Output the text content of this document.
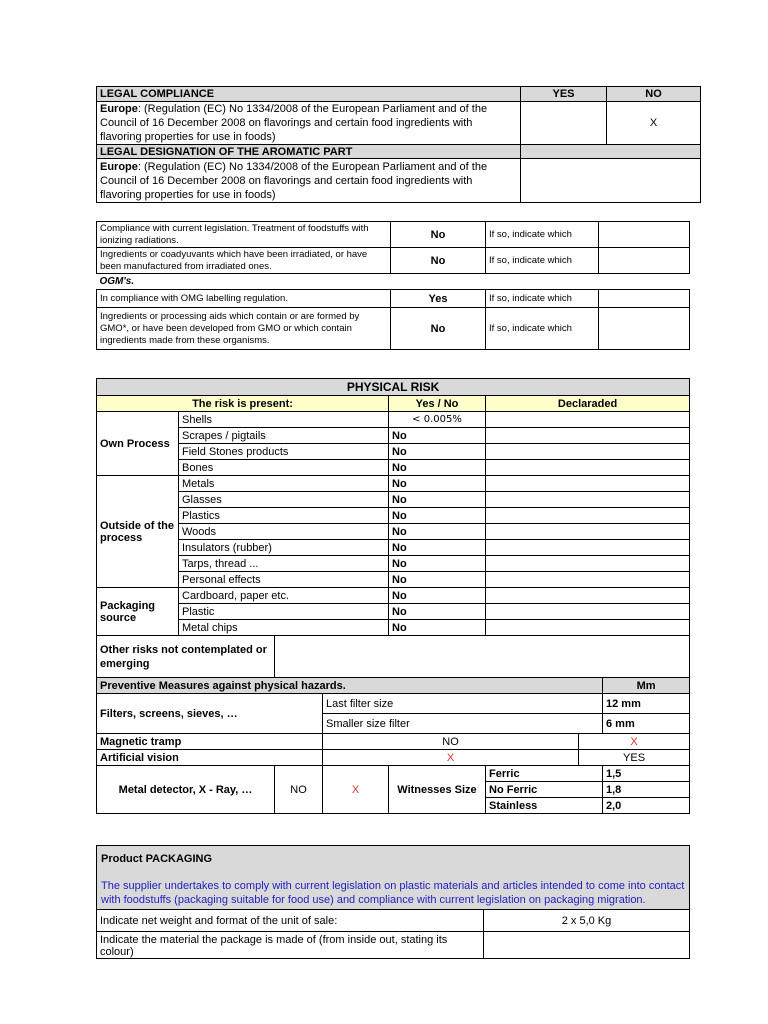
LEGAL COMPLIANCE	YES	NO
Europe: (Regulation (EC) No 1334/2008 of the European Parliament and of the Council of 16 December 2008 on flavorings and certain food ingredients with flavoring properties for use in foods)		X
LEGAL DESIGNATION OF THE AROMATIC PART		
Europe: (Regulation (EC) No 1334/2008 of the European Parliament and of the Council of 16 December 2008 on flavorings and certain food ingredients with flavoring properties for use in foods)		
Compliance with current legislation. Treatment of foodstuffs with ionizing radiations.	No	If so, indicate which	
Ingredients or coadyuvants which have been irradiated, or have been manufactured from irradiated ones.	No	If so, indicate which	
OGM's.			
In compliance with OMG labelling regulation.	Yes	If so, indicate which	
Ingredients or processing aids which contain or are formed by GMO*, or have been developed from GMO or which contain ingredients made from these organisms.	No	If so, indicate which	
PHYSICAL RISK							
The risk is present:				Yes / No	Declaraded		
Own Process	Shells			< 0.005%			
	Scrapes / pigtails			No			
	Field Stones products			No			
	Bones			No			
Outside of the process	Metals			No			
	Glasses			No			
	Plastics			No			
	Woods			No			
	Insulators (rubber)			No			
	Tarps, thread ...			No			
	Personal effects			No			
Packaging source	Cardboard, paper etc.			No			
	Plastic			No			
	Metal chips			No			
Other risks not contemplated or emerging							
Preventive Measures against physical hazards.							Mm
Filters, screens, sieves, …			Last filter size				12 mm
			Smaller size filter				6 mm
Magnetic tramp			NO			X	
Artificial vision			X			YES	
Metal detector, X - Ray, …		NO	X	Witnesses Size	Ferric		1,5
					No Ferric		1,8
					Stainless		2,0
Product PACKAGING
The supplier undertakes to comply with current legislation on plastic materials and articles intended to come into contact with foodstuffs (packaging suitable for food use) and compliance with current legislation on packaging migration.	

Indicate net weight and format of the unit of sale:	2 x 5,0 Kg
Indicate the material the package is made of (from inside out, stating its colour)	
